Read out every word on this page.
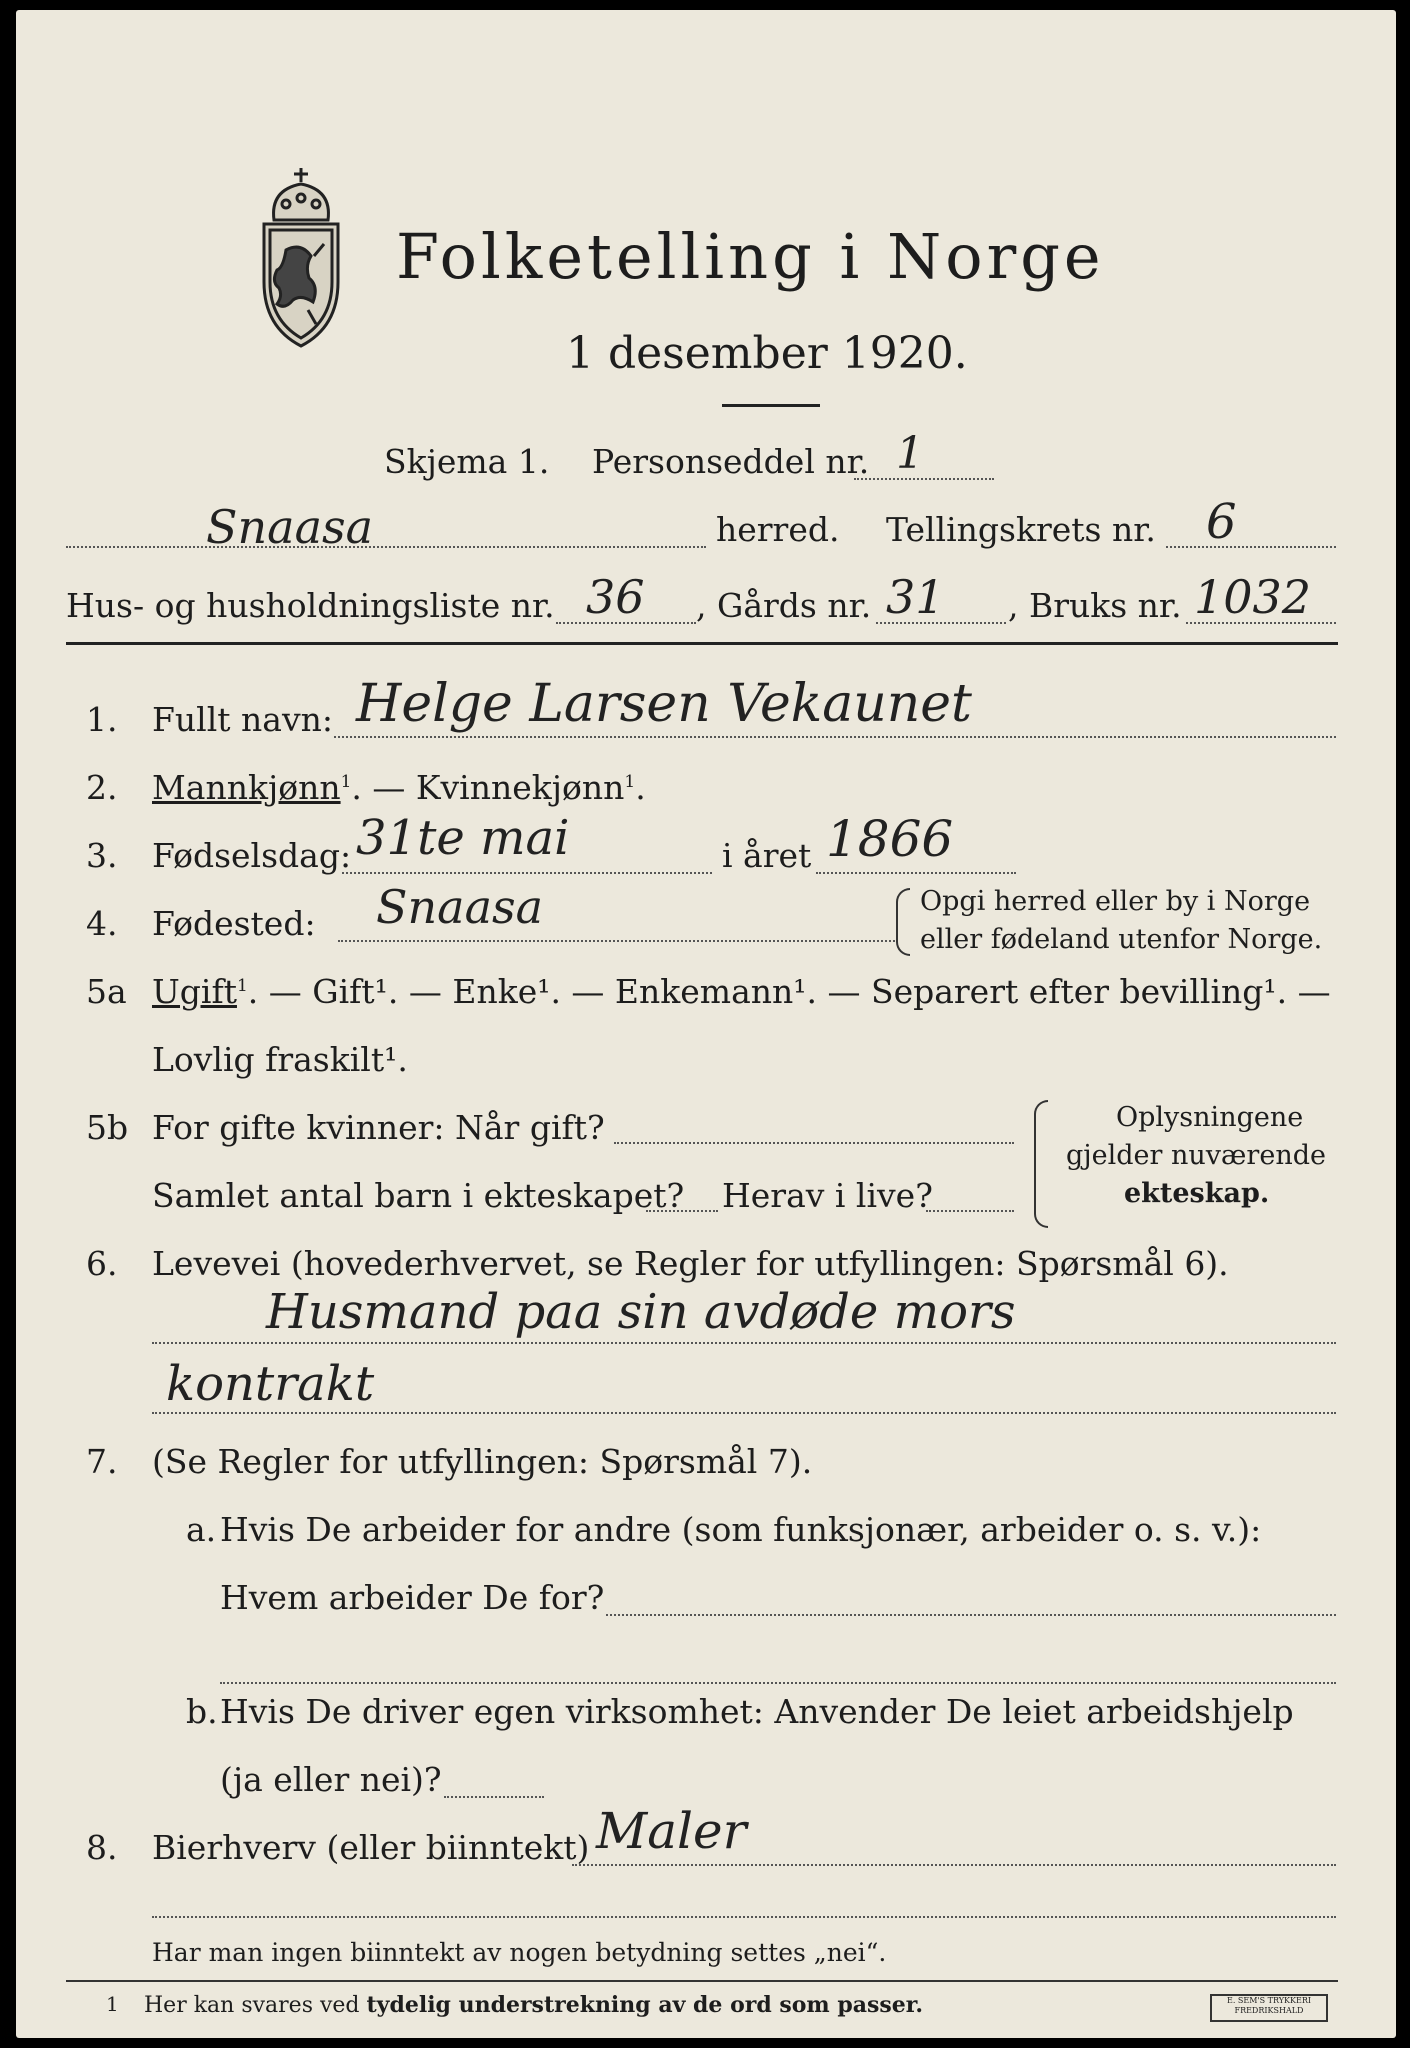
Folketelling i Norge
1 desember 1920.
Skjema 1. Personseddel nr. 1
Snaasa	herred. Tellingskrets nr. 6
Hus- og husholdningsliste nr. 36 , Gårds nr. 31 , Bruks nr. 1032
1. Fullt navn: Helge Larsen Vekaunet
2. Mannkjønn$^1$. — Kvinnekjønn$^1$.
3. Fødselsdag: 31te mai	i året 1866
4. Fødested: Snaasa	Opgi herred eller by i Norge
eller fødeland utenfor Norge.
5a Ugift$^1$. — Gift¹. — Enke¹. — Enkemann¹. — Separert efter bevilling¹. —
Lovlig fraskilt¹.
5b For gifte kvinner: Når gift?
Samlet antal barn i ekteskapet? Herav i live?
Oplysningene
gjelder nuværende
ekteskap.
6. Levevei (hovederhvervet, se Regler for utfyllingen: Spørsmål 6).
Husmand paa sin avdøde mors
kontrakt
7. (Se Regler for utfyllingen: Spørsmål 7).
a. Hvis De arbeider for andre (som funksjonær, arbeider o. s. v.):
Hvem arbeider De for?
b. Hvis De driver egen virksomhet: Anvender De leiet arbeidshjelp
(ja eller nei)?
8. Bierhverv (eller biinntekt) Maler
Har man ingen biinntekt av nogen betydning settes „nei“.
1 Her kan svares ved tydelig understrekning av de ord som passer.	E. SEM'S TRYKKERI FREDRIKSHALD
